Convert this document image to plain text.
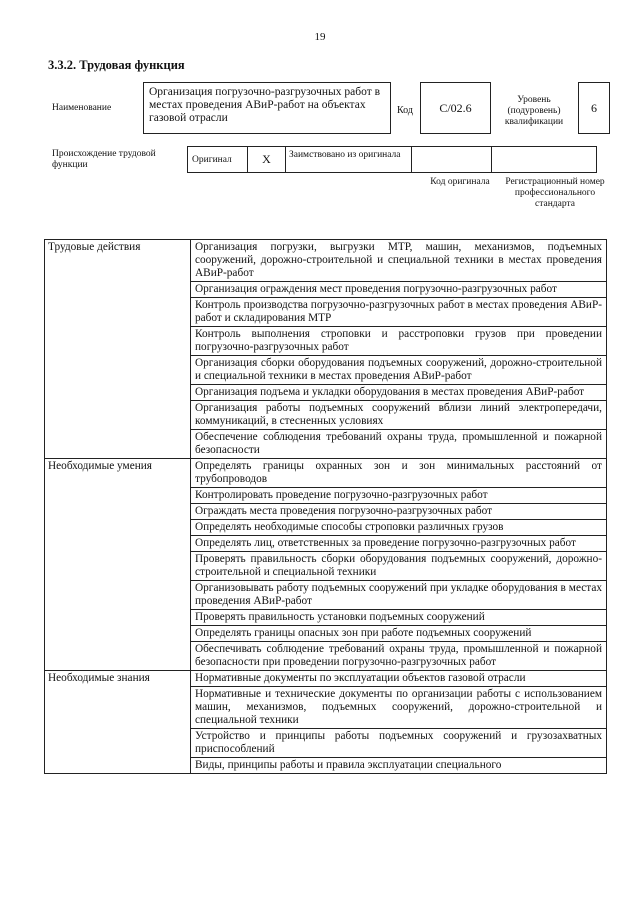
19
3.3.2. Трудовая функция
Наименование
Организация погрузочно-разгрузочных работ в местах проведения АВиР-работ на объектах газовой отрасли
Код	C/02.6
Уровень (подуровень) квалификации
6
Происхождение трудовой функции	Оригинал	X	Заимствовано из оригинала
Код оригинала	Регистрационный номер профессионального стандарта
Трудовые действия	Организация погрузки, выгрузки МТР, машин, механизмов, подъемных сооружений, дорожно-строительной и специальной техники в местах проведения АВиР-работ
	Организация ограждения мест проведения погрузочно-разгрузочных работ
	Контроль производства погрузочно-разгрузочных работ в местах проведения АВиР-работ и складирования МТР
	Контроль выполнения строповки и расстроповки грузов при проведении погрузочно-разгрузочных работ
	Организация сборки оборудования подъемных сооружений, дорожно-строительной и специальной техники в местах проведения АВиР-работ
	Организация подъема и укладки оборудования в местах проведения АВиР-работ
	Организация работы подъемных сооружений вблизи линий электропередачи, коммуникаций, в стесненных условиях
	Обеспечение соблюдения требований охраны труда, промышленной и пожарной безопасности
Необходимые умения	Определять границы охранных зон и зон минимальных расстояний от трубопроводов
	Контролировать проведение погрузочно-разгрузочных работ
	Ограждать места проведения погрузочно-разгрузочных работ
	Определять необходимые способы строповки различных грузов
	Определять лиц, ответственных за проведение погрузочно-разгрузочных работ
	Проверять правильность сборки оборудования подъемных сооружений, дорожно-строительной и специальной техники
	Организовывать работу подъемных сооружений при укладке оборудования в местах проведения АВиР-работ
	Проверять правильность установки подъемных сооружений
	Определять границы опасных зон при работе подъемных сооружений
	Обеспечивать соблюдение требований охраны труда, промышленной и пожарной безопасности при проведении погрузочно-разгрузочных работ
Необходимые знания	Нормативные документы по эксплуатации объектов газовой отрасли
	Нормативные и технические документы по организации работы с использованием машин, механизмов, подъемных сооружений, дорожно-строительной и специальной техники
	Устройство и принципы работы подъемных сооружений и грузозахватных приспособлений
	Виды, принципы работы и правила эксплуатации специального
